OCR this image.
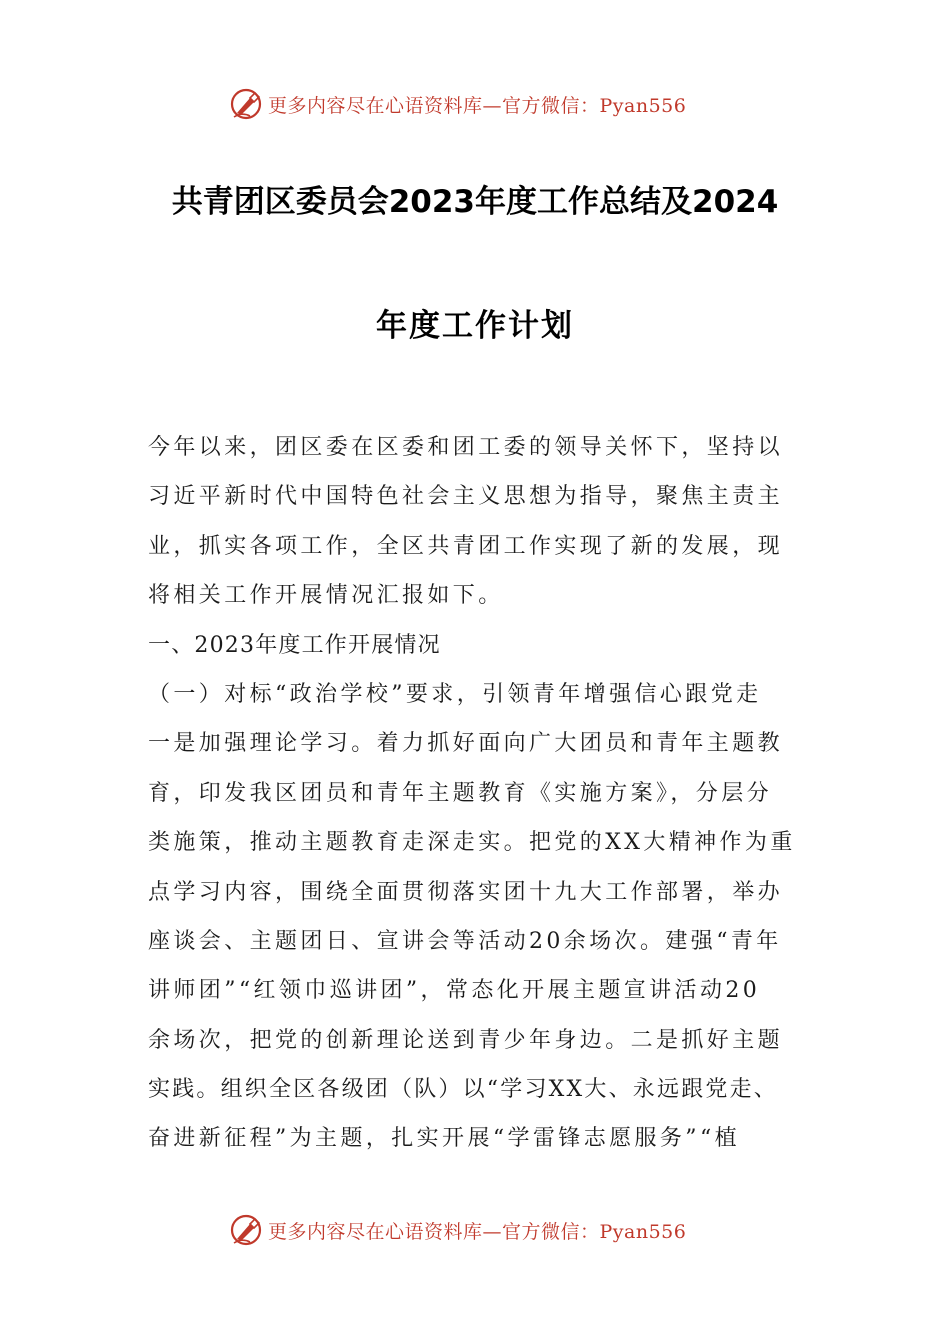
更多内容尽在心语资料库—官方微信：Pyan556
共青团区委员会2023年度工作总结及2024
年度工作计划
今年以来，团区委在区委和团工委的领导关怀下，坚持以
习近平新时代中国特色社会主义思想为指导，聚焦主责主
业，抓实各项工作，全区共青团工作实现了新的发展，现
将相关工作开展情况汇报如下。
一、2023年度工作开展情况
（一）对标“政治学校”要求，引领青年增强信心跟党走
一是加强理论学习。着力抓好面向广大团员和青年主题教
育，印发我区团员和青年主题教育《实施方案》，分层分
类施策，推动主题教育走深走实。把党的XX大精神作为重
点学习内容，围绕全面贯彻落实团十九大工作部署，举办
座谈会、主题团日、宣讲会等活动20余场次。建强“青年
讲师团”“红领巾巡讲团”，常态化开展主题宣讲活动20
余场次，把党的创新理论送到青少年身边。二是抓好主题
实践。组织全区各级团（队）以“学习XX大、永远跟党走、
奋进新征程”为主题，扎实开展“学雷锋志愿服务”“植
更多内容尽在心语资料库—官方微信：Pyan556
